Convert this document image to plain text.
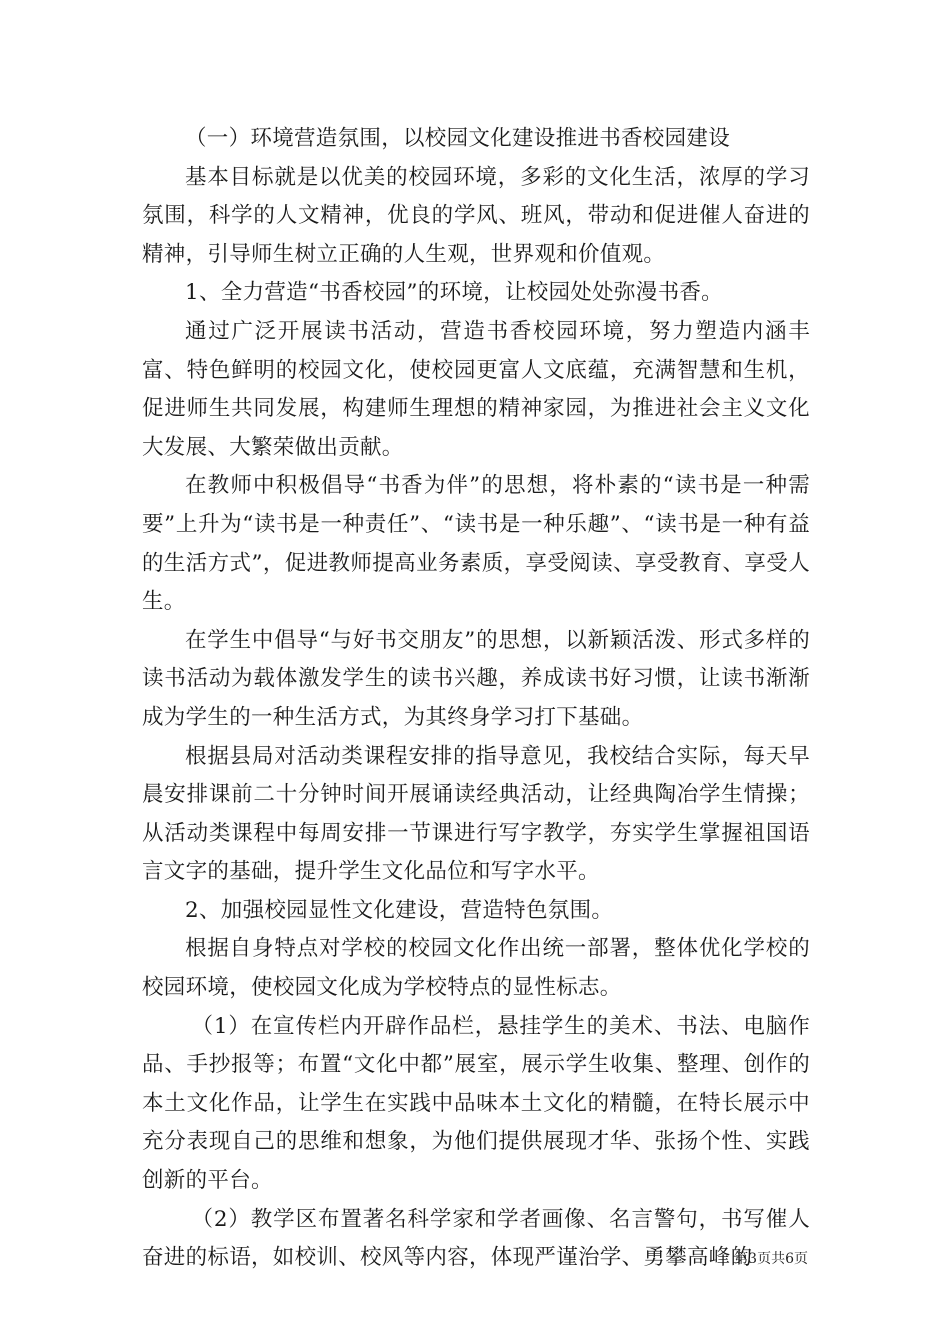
（一）环境营造氛围，以校园文化建设推进书香校园建设

基本目标就是以优美的校园环境，多彩的文化生活，浓厚的学习氛围，科学的人文精神，优良的学风、班风，带动和促进催人奋进的精神，引导师生树立正确的人生观，世界观和价值观。

1、全力营造“书香校园”的环境，让校园处处弥漫书香。

通过广泛开展读书活动，营造书香校园环境，努力塑造内涵丰富、特色鲜明的校园文化，使校园更富人文底蕴，充满智慧和生机，促进师生共同发展，构建师生理想的精神家园，为推进社会主义文化大发展、大繁荣做出贡献。

在教师中积极倡导“书香为伴”的思想，将朴素的“读书是一种需要”上升为“读书是一种责任”、“读书是一种乐趣”、“读书是一种有益的生活方式”，促进教师提高业务素质，享受阅读、享受教育、享受人生。

在学生中倡导“与好书交朋友”的思想，以新颖活泼、形式多样的读书活动为载体激发学生的读书兴趣，养成读书好习惯，让读书渐渐成为学生的一种生活方式，为其终身学习打下基础。

根据县局对活动类课程安排的指导意见，我校结合实际，每天早晨安排课前二十分钟时间开展诵读经典活动，让经典陶冶学生情操；从活动类课程中每周安排一节课进行写字教学，夯实学生掌握祖国语言文字的基础，提升学生文化品位和写字水平。

2、加强校园显性文化建设，营造特色氛围。

根据自身特点对学校的校园文化作出统一部署，整体优化学校的校园环境，使校园文化成为学校特点的显性标志。

（1）在宣传栏内开辟作品栏，悬挂学生的美术、书法、电脑作品、手抄报等；布置“文化中都”展室，展示学生收集、整理、创作的本土文化作品，让学生在实践中品味本土文化的精髓，在特长展示中充分表现自己的思维和想象，为他们提供展现才华、张扬个性、实践创新的平台。

（2）教学区布置著名科学家和学者画像、名言警句，书写催人奋进的标语，如校训、校风等内容，体现严谨治学、勇攀高峰的

第3页共6页
